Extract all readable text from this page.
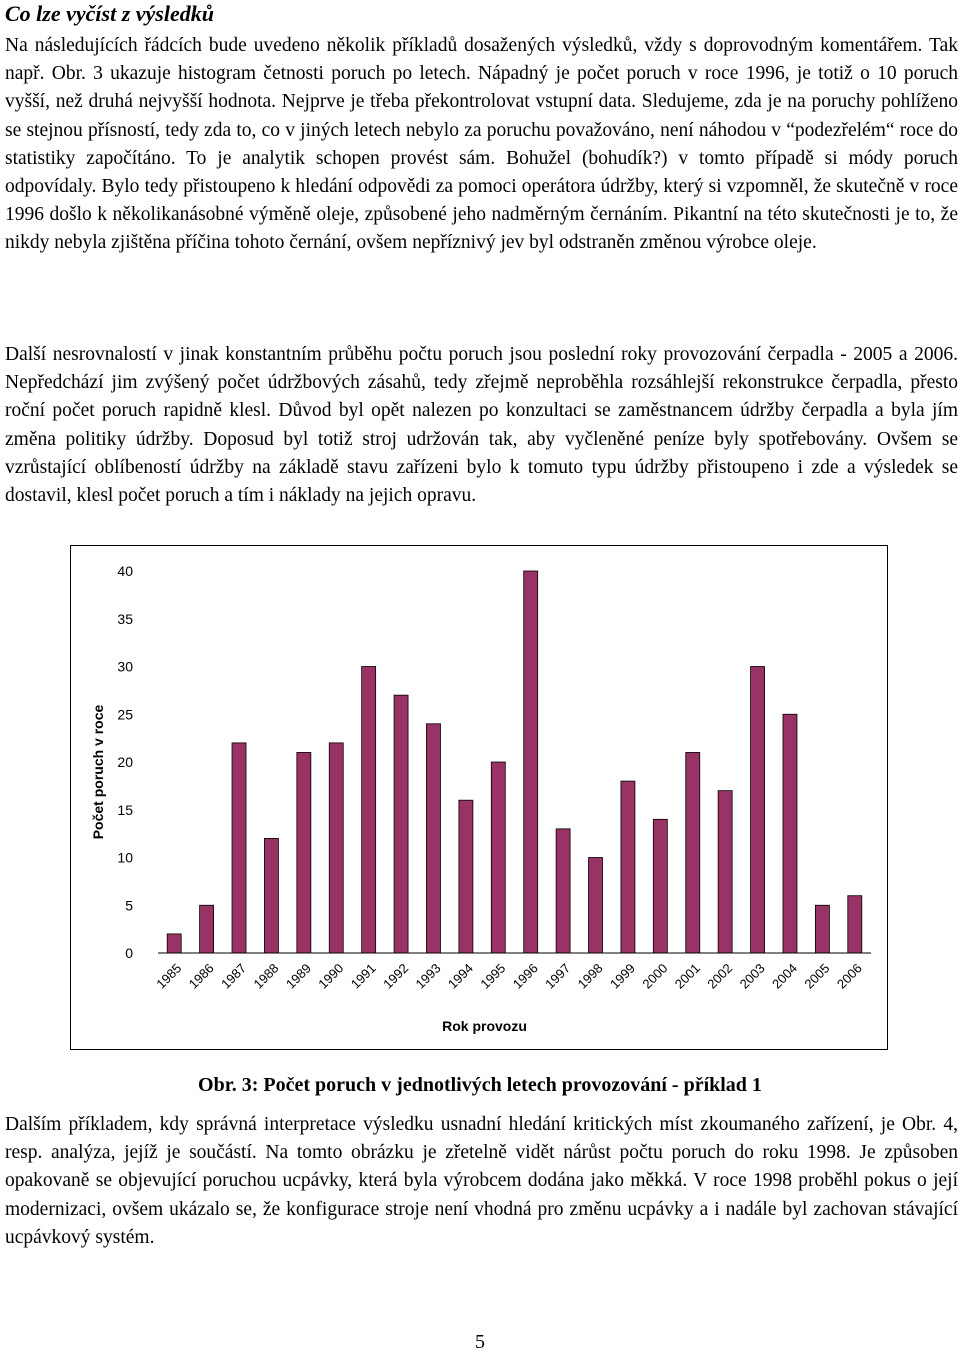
Co lze vyčíst z výsledků

Na následujících řádcích bude uvedeno několik příkladů dosažených výsledků, vždy s doprovodným komentářem. Tak např. Obr. 3 ukazuje histogram četnosti poruch po letech. Nápadný je počet poruch v roce 1996, je totiž o 10 poruch vyšší, než druhá nejvyšší hodnota. Nejprve je třeba překontrolovat vstupní data. Sledujeme, zda je na poruchy pohlíženo se stejnou přísností, tedy zda to, co v jiných letech nebylo za poruchu považováno, není náhodou v “podezřelém“ roce do statistiky započítáno. To je analytik schopen provést sám. Bohužel (bohudík?) v tomto případě si módy poruch odpovídaly. Bylo tedy přistoupeno k hledání odpovědi za pomoci operátora údržby, který si vzpomněl, že skutečně v roce 1996 došlo k několikanásobné výměně oleje, způsobené jeho nadměrným černáním. Pikantní na této skutečnosti je to, že nikdy nebyla zjištěna příčina tohoto černání, ovšem nepříznivý jev byl odstraněn změnou výrobce oleje.

Další nesrovnalostí v jinak konstantním průběhu počtu poruch jsou poslední roky provozování čerpadla - 2005 a 2006. Nepředchází jim zvýšený počet údržbových zásahů, tedy zřejmě neproběhla rozsáhlejší rekonstrukce čerpadla, přesto roční počet poruch rapidně klesl. Důvod byl opět nalezen po konzultaci se zaměstnancem údržby čerpadla a byla jím změna politiky údržby. Doposud byl totiž stroj udržován tak, aby vyčleněné peníze byly spotřebovány. Ovšem se vzrůstající oblíbeností údržby na základě stavu zařízeni bylo k tomuto typu údržby přistoupeno i zde a výsledek se dostavil, klesl počet poruch a tím i náklady na jejich opravu.

0
5
10
15
20
25
30
35
40
1985 1986 1987 1988 1989 1990 1991 1992 1993 1994 1995 1996 1997 1998 1999 2000 2001 2002 2003 2004 2005 2006
Počet poruch v roce
Rok provozu
Obr. 3: Počet poruch v jednotlivých letech provozování - příklad 1

Dalším příkladem, kdy správná interpretace výsledku usnadní hledání kritických míst zkoumaného zařízení, je Obr. 4, resp. analýza, jejíž je součástí. Na tomto obrázku je zřetelně vidět nárůst počtu poruch do roku 1998. Je způsoben opakovaně se objevující poruchou ucpávky, která byla výrobcem dodána jako měkká. V roce 1998 proběhl pokus o její modernizaci, ovšem ukázalo se, že konfigurace stroje není vhodná pro změnu ucpávky a i nadále byl zachovan stávající ucpávkový systém.

5
